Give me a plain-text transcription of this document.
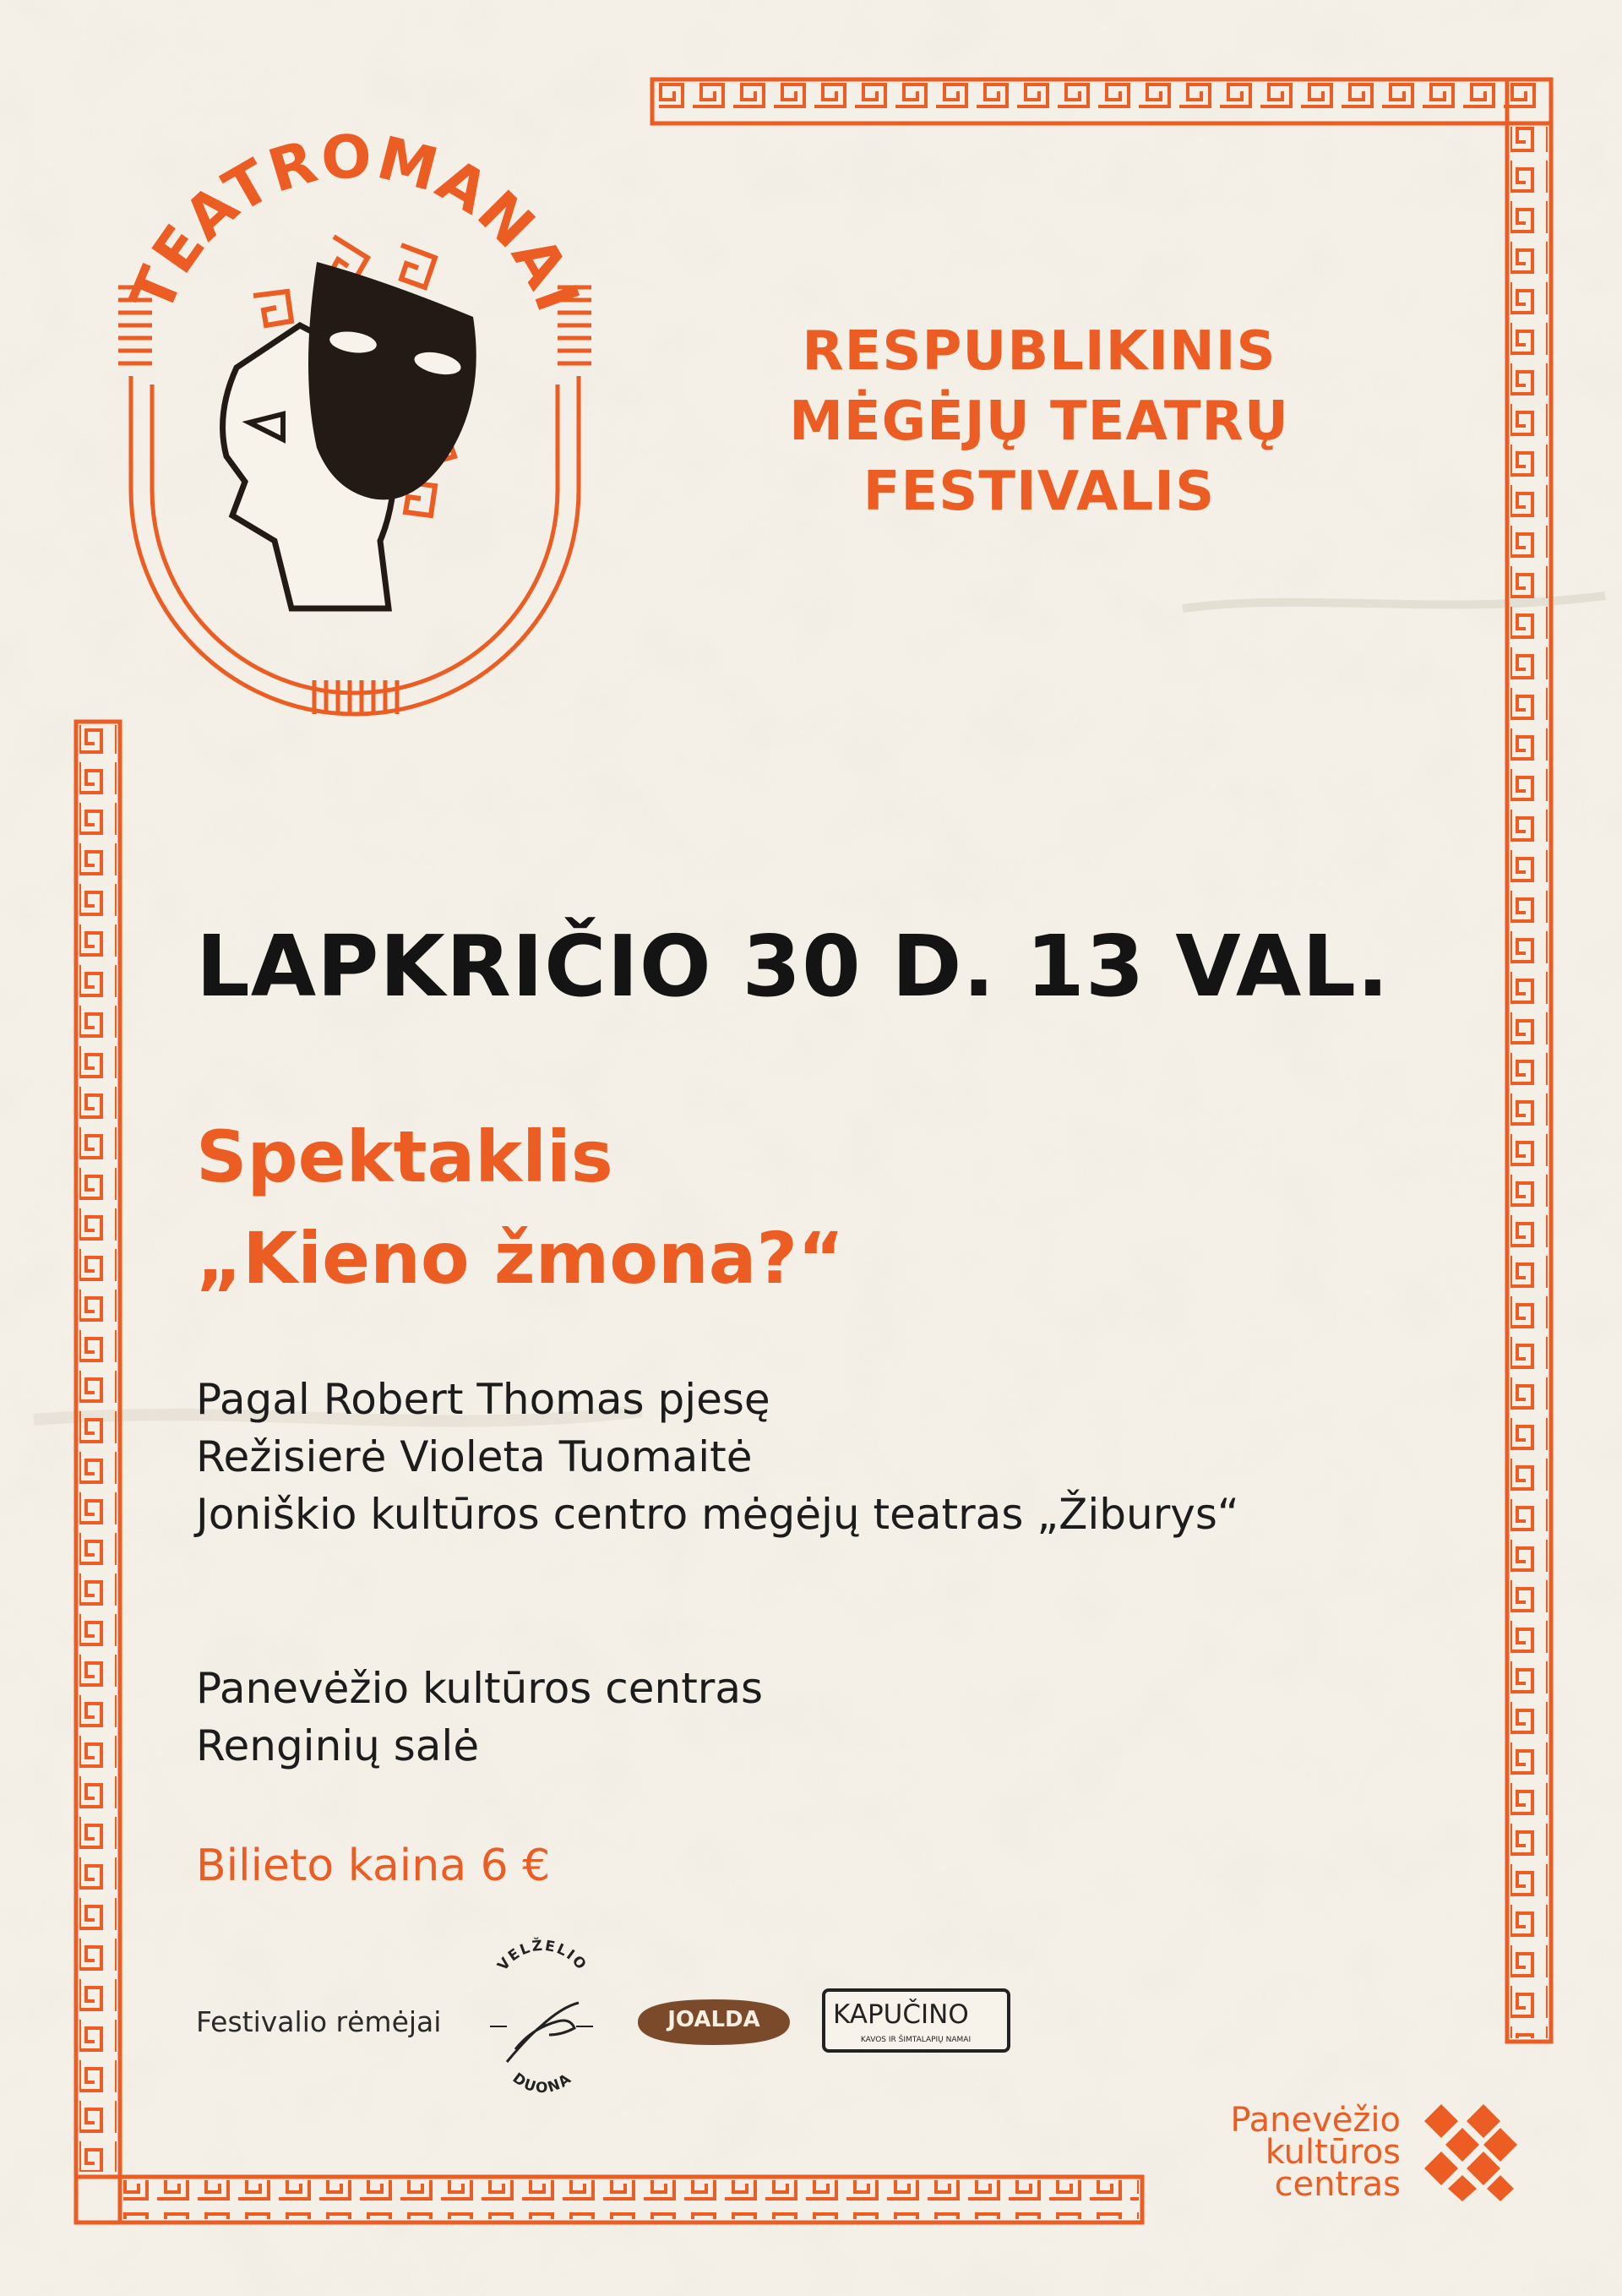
TEATROMANAI
RESPUBLIKINIS
MĖGĖJŲ TEATRŲ
FESTIVALIS
LAPKRIČIO 30 D. 13 VAL.
Spektaklis
„Kieno žmona?“
Pagal Robert Thomas pjesę
Režisierė Violeta Tuomaitė
Joniškio kultūros centro mėgėjų teatras „Žiburys“
Panevėžio kultūros centras
Renginių salė
Bilieto kaina 6 €
Festivalio rėmėjai
VELŽELIO
DUONA
JOALDA	KAPUČINO
KAVOS IR ŠIMTALAPIŲ NAMAI
Panevėžio
kultūros
centras
